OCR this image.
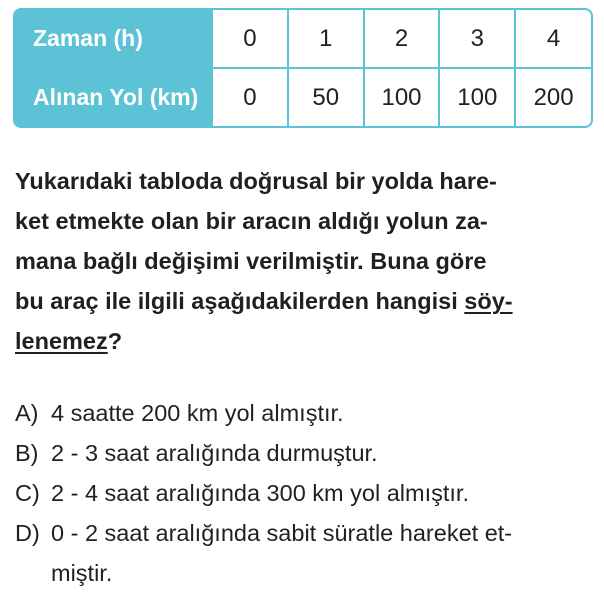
Zaman (h)	0	1	2	3	4
Alınan Yol (km)	0	50	100	100	200
Yukarıdaki tabloda doğrusal bir yolda hare-
ket etmekte olan bir aracın aldığı yolun za-
mana bağlı değişimi verilmiştir. Buna göre
bu araç ile ilgili aşağıdakilerden hangisi söy-
lenemez?
A) 4 saatte 200 km yol almıştır.
B) 2 - 3 saat aralığında durmuştur.
C) 2 - 4 saat aralığında 300 km yol almıştır.
D) 0 - 2 saat aralığında sabit süratle hareket et-
miştir.
